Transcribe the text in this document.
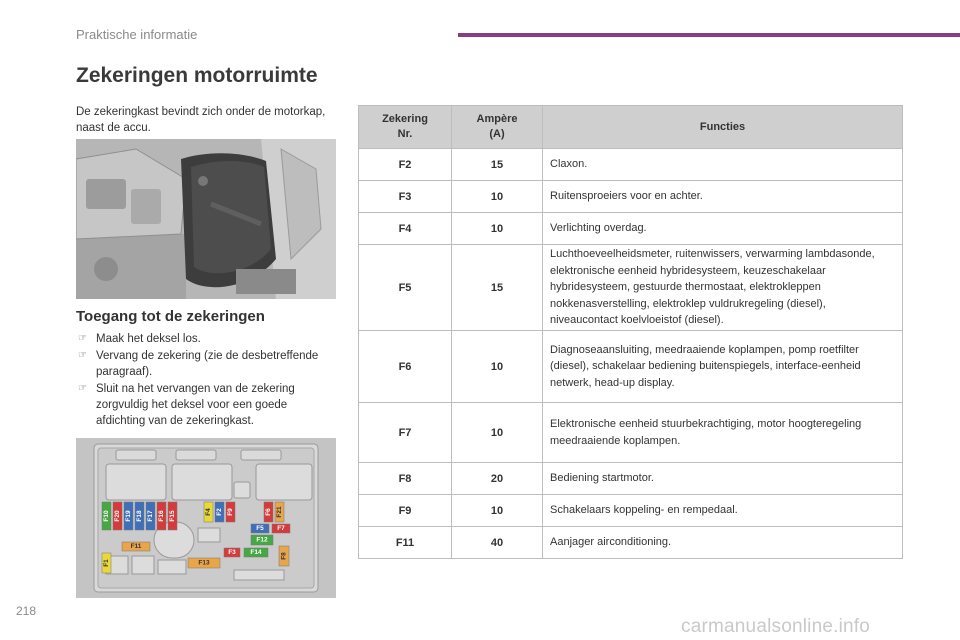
Praktische informatie
Zekeringen motorruimte
De zekeringkast bevindt zich onder de motorkap, naast de accu.
Toegang tot de zekeringen
☞ Maak het deksel los.
☞ Vervang de zekering (zie de desbetreffende paragraaf).
☞ Sluit na het vervangen van de zekering zorgvuldig het deksel voor een goede afdichting van de zekeringkast.
F10 F20 F19 F18 F17 F16 F15	F4 F2 F9	F6 F21
F5 F7
F12
F11
F3 F14	F8
F1	F13
Zekering Nr.	Ampère (A)	Functies
F2	15	Claxon.
F3	10	Ruitensproeiers voor en achter.
F4	10	Verlichting overdag.
F5	15	Luchthoeveelheidsmeter, ruitenwissers, verwarming lambdasonde, elektronische eenheid hybridesysteem, keuzeschakelaar hybridesysteem, gestuurde thermostaat, elektrokleppen nokkenasverstelling, elektroklep vuldrukregeling (diesel), niveaucontact koelvloeistof (diesel).
F6	10	Diagnoseaansluiting, meedraaiende koplampen, pomp roetfilter (diesel), schakelaar bediening buitenspiegels, interface-eenheid netwerk, head-up display.
F7	10	Elektronische eenheid stuurbekrachtiging, motor hoogteregeling meedraaiende koplampen.
F8	20	Bediening startmotor.
F9	10	Schakelaars koppeling- en rempedaal.
F11	40	Aanjager airconditioning.
218
carmanualsonline.info
